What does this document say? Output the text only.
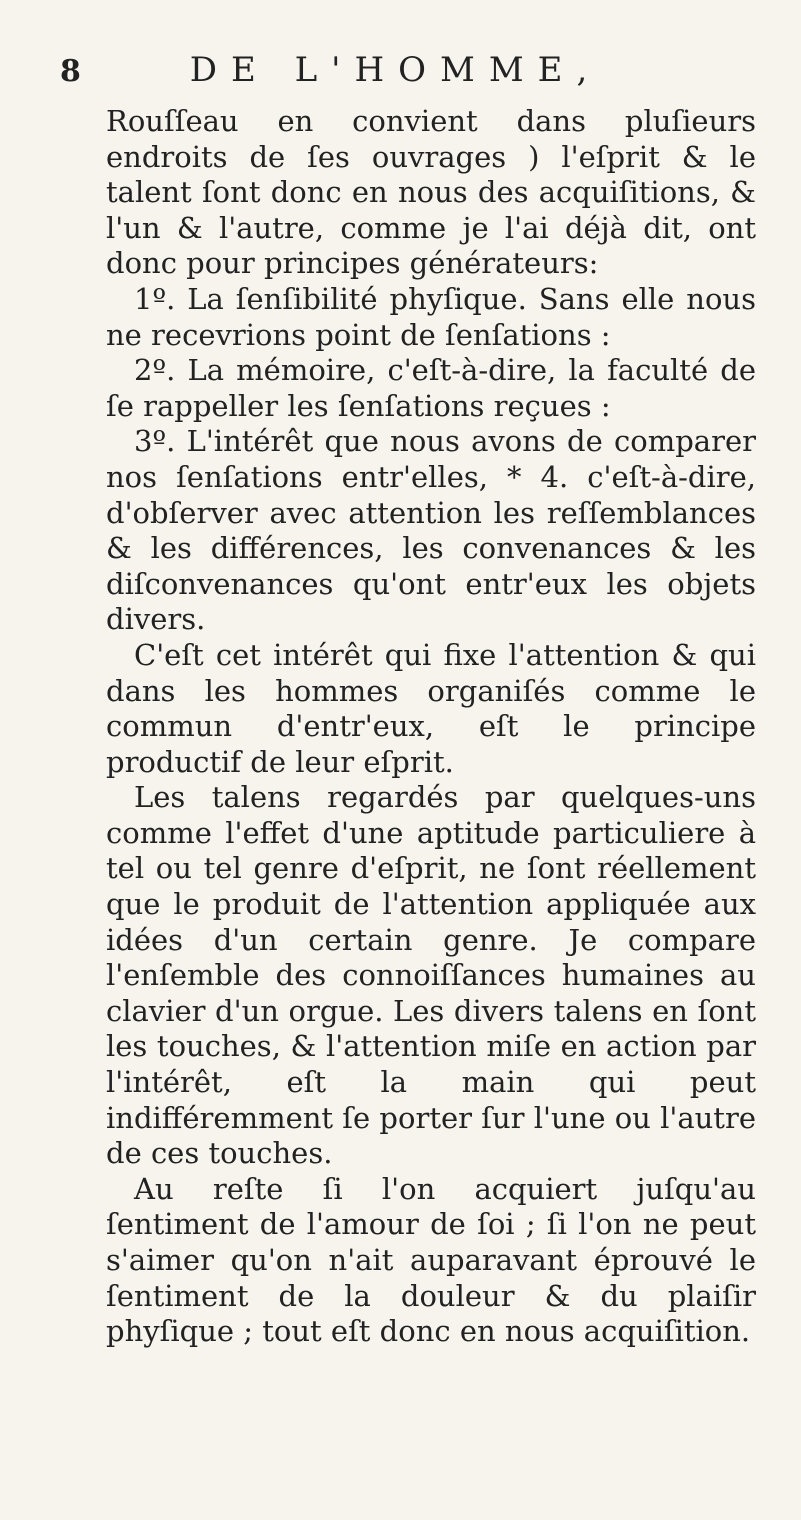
8	DE L'HOMME,

Rouſſeau en convient dans pluſieurs endroits de ſes ouvrages ) l'eſprit & le talent ſont donc en nous des acquiſitions, & l'un & l'autre, comme je l'ai déjà dit, ont donc pour principes générateurs:

1º. La ſenſibilité phyſique. Sans elle nous ne recevrions point de ſenſations :

2º. La mémoire, c'eſt-à-dire, la faculté de ſe rappeller les ſenſations reçues :

3º. L'intérêt que nous avons de comparer nos ſenſations entr'elles, * 4. c'eſt-à-dire, d'obſerver avec attention les reſſemblances & les différences, les convenances & les diſconvenances qu'ont entr'eux les objets divers.

C'eſt cet intérêt qui fixe l'attention & qui dans les hommes organiſés comme le commun d'entr'eux, eſt le principe productif de leur eſprit.

Les talens regardés par quelques-uns comme l'effet d'une aptitude particuliere à tel ou tel genre d'eſprit, ne ſont réellement que le produit de l'attention appliquée aux idées d'un certain genre. Je compare l'enſemble des connoiſſances humaines au clavier d'un orgue. Les divers talens en ſont les touches, & l'attention miſe en action par l'intérêt, eſt la main qui peut indifféremment ſe porter ſur l'une ou l'autre de ces touches.

Au reſte ſi l'on acquiert juſqu'au ſentiment de l'amour de ſoi ; ſi l'on ne peut s'aimer qu'on n'ait auparavant éprouvé le ſentiment de la douleur & du plaiſir phyſique ; tout eſt donc en nous acquiſition.
